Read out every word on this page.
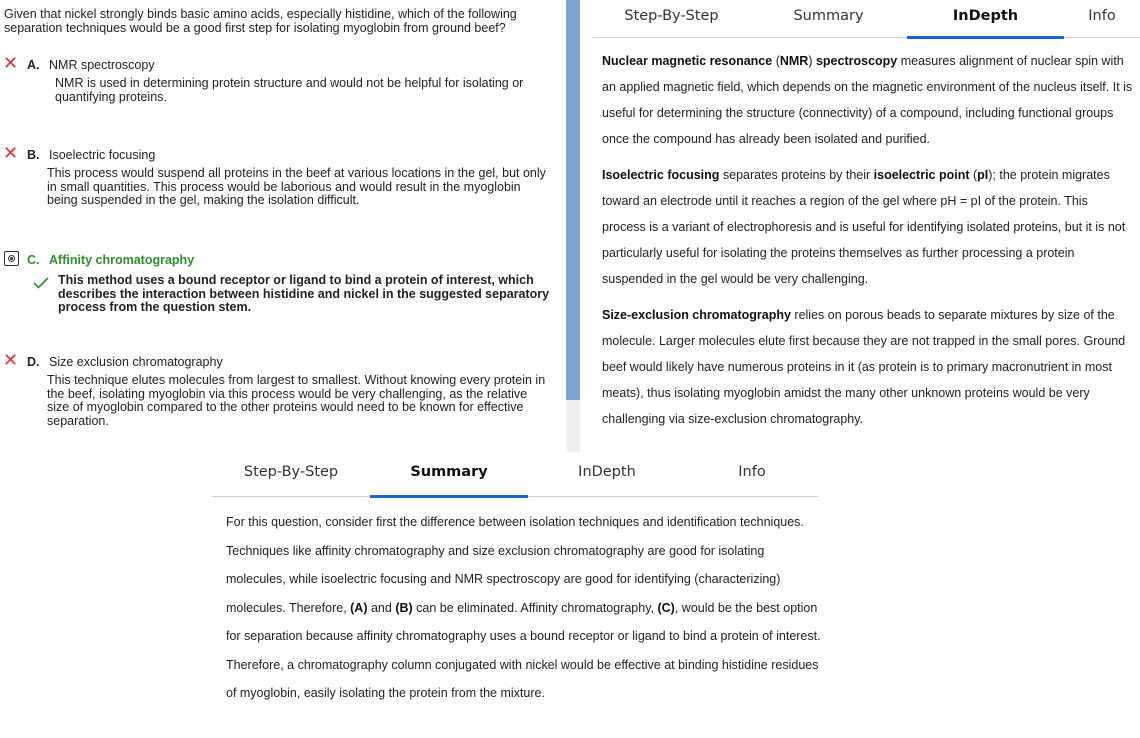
Given that nickel strongly binds basic amino acids, especially histidine, which of the following separation techniques would be a good first step for isolating myoglobin from ground beef?
✕ A. NMR spectroscopy
NMR is used in determining protein structure and would not be helpful for isolating or quantifying proteins.
✕ B. Isoelectric focusing
This process would suspend all proteins in the beef at various locations in the gel, but only in small quantities. This process would be laborious and would result in the myoglobin being suspended in the gel, making the isolation difficult.
C. Affinity chromatography
This method uses a bound receptor or ligand to bind a protein of interest, which describes the interaction between histidine and nickel in the suggested separatory process from the question stem.
✕ D. Size exclusion chromatography
This technique elutes molecules from largest to smallest. Without knowing every protein in the beef, isolating myoglobin via this process would be very challenging, as the relative size of myoglobin compared to the other proteins would need to be known for effective separation.
Step-By-Step	Summary	InDepth	Info

Nuclear magnetic resonance (NMR) spectroscopy measures alignment of nuclear spin with an applied magnetic field, which depends on the magnetic environment of the nucleus itself. It is useful for determining the structure (connectivity) of a compound, including functional groups once the compound has already been isolated and purified.

Isoelectric focusing separates proteins by their isoelectric point (pI); the protein migrates toward an electrode until it reaches a region of the gel where pH = pI of the protein. This process is a variant of electrophoresis and is useful for identifying isolated proteins, but it is not particularly useful for isolating the proteins themselves as further processing a protein suspended in the gel would be very challenging.

Size-exclusion chromatography relies on porous beads to separate mixtures by size of the molecule. Larger molecules elute first because they are not trapped in the small pores. Ground beef would likely have numerous proteins in it (as protein is to primary macronutrient in most meats), thus isolating myoglobin amidst the many other unknown proteins would be very challenging via size-exclusion chromatography.

Step-By-Step	Summary	InDepth	Info
For this question, consider first the difference between isolation techniques and identification techniques. Techniques like affinity chromatography and size exclusion chromatography are good for isolating molecules, while isoelectric focusing and NMR spectroscopy are good for identifying (characterizing) molecules. Therefore, (A) and (B) can be eliminated. Affinity chromatography, (C), would be the best option for separation because affinity chromatography uses a bound receptor or ligand to bind a protein of interest. Therefore, a chromatography column conjugated with nickel would be effective at binding histidine residues of myoglobin, easily isolating the protein from the mixture.
